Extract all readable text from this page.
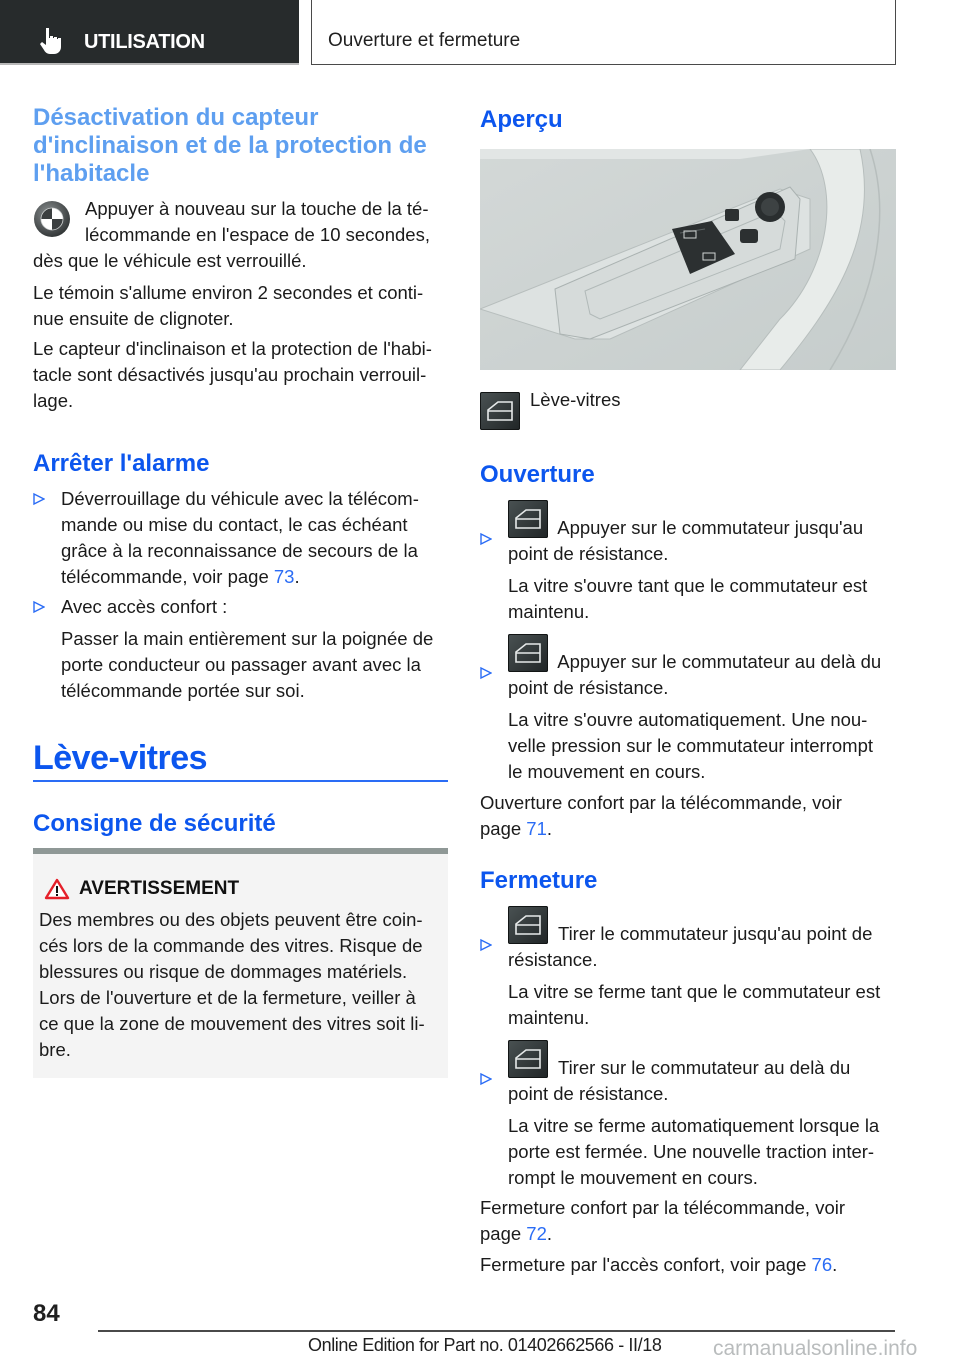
UTILISATION	Ouverture et fermeture
Désactivation du capteur
d'inclinaison et de la protection de
l'habitacle
Appuyer à nouveau sur la touche de la té-
lécommande en l'espace de 10 secondes,
dès que le véhicule est verrouillé.
Le témoin s'allume environ 2 secondes et conti-
nue ensuite de clignoter.
Le capteur d'inclinaison et la protection de l'habi-
tacle sont désactivés jusqu'au prochain verrouil-
lage.
Arrêter l'alarme
Déverrouillage du véhicule avec la télécom-
mande ou mise du contact, le cas échéant
grâce à la reconnaissance de secours de la
télécommande, voir page 73.
Avec accès confort :
Passer la main entièrement sur la poignée de
porte conducteur ou passager avant avec la
télécommande portée sur soi.
Lève-vitres
Consigne de sécurité
AVERTISSEMENT
Des membres ou des objets peuvent être coin-
cés lors de la commande des vitres. Risque de
blessures ou risque de dommages matériels.
Lors de l'ouverture et de la fermeture, veiller à
ce que la zone de mouvement des vitres soit li-
bre.
Aperçu
Lève-vitres
Ouverture
Appuyer sur le commutateur jusqu'au
point de résistance.
La vitre s'ouvre tant que le commutateur est
maintenu.
Appuyer sur le commutateur au delà du
point de résistance.
La vitre s'ouvre automatiquement. Une nou-
velle pression sur le commutateur interrompt
le mouvement en cours.
Ouverture confort par la télécommande, voir
page 71.
Fermeture
Tirer le commutateur jusqu'au point de
résistance.
La vitre se ferme tant que le commutateur est
maintenu.
Tirer sur le commutateur au delà du
point de résistance.
La vitre se ferme automatiquement lorsque la
porte est fermée. Une nouvelle traction inter-
rompt le mouvement en cours.
Fermeture confort par la télécommande, voir
page 72.
Fermeture par l'accès confort, voir page 76.
84
Online Edition for Part no. 01402662566 - II/18 carmanualsonline.info
